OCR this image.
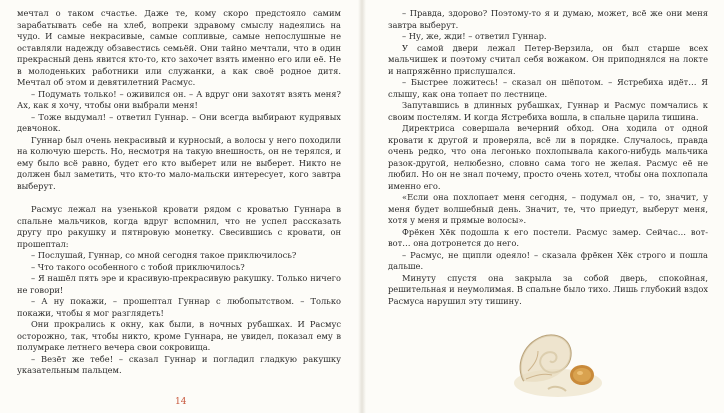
мечтал о таком счастье. Даже те, кому скоро предстояло самим зарабатывать себе на хлеб, вопреки здравому смыслу надеялись на чудо. И самые некрасивые, самые сопливые, самые непослушные не оставляли надежду обзавестись семьёй. Они тайно мечтали, что в один прекрасный день явится кто-то, кто захочет взять именно его или её. Не в молоденьких работники или служанки, а как своё родное дитя. Мечтал об этом и девятилетний Расмус.

– Подумать только! – оживился он. – А вдруг они захотят взять меня? Ах, как я хочу, чтобы они выбрали меня!

– Тоже выдумал! – ответил Гуннар. – Они всегда выбирают кудрявых девчонок.

Гуннар был очень некрасивый и курносый, а волосы у него походили на колючую шерсть. Но, несмотря на такую внешность, он не терялся, и ему было всё равно, будет его кто выберет или не выберет. Никто не должен был заметить, что кто-то мало-мальски интересует, кого завтра выберут.

Расмус лежал на узенькой кровати рядом с кроватью Гуннара в спальне мальчиков, когда вдруг вспомнил, что не успел рассказать другу про ракушку и пятнровую монетку. Свесившись с кровати, он прошептал:

– Послушай, Гуннар, со мной сегодня такое приключилось?

– Что такого особенного с тобой приключилось?

– Я нашёл пять эре и красивую-прекрасивую ракушку. Только ничего не говори!

– А ну покажи, – прошептал Гуннар с любопытством. – Только покажи, чтобы я мог разглядеть!

Они прокрались к окну, как были, в ночных рубашках. И Расмус осторожно, так, чтобы никто, кроме Гуннара, не увидел, показал ему в полумраке летнего вечера свои сокровища.

– Везёт же тебе! – сказал Гуннар и погладил гладкую ракушку указательным пальцем.

14

– Правда, здорово? Поэтому-то я и думаю, может, всё же они меня завтра выберут.

– Ну, же, жди! – ответил Гуннар.

У самой двери лежал Петер-Верзила, он был старше всех мальчишек и поэтому считал себя вожаком. Он приподнялся на локте и напряжённо прислушался.

– Быстрее ложитесь! – сказал он шёпотом. – Ястребиха идёт… Я слышу, как она топает по лестнице.

Запутавшись в длинных рубашках, Гуннар и Расмус помчались к своим постелям. И когда Ястребиха вошла, в спальне царила тишина.

Директриса совершала вечерний обход. Она ходила от одной кровати к другой и проверяла, всё ли в порядке. Случалось, правда очень редко, что она легонько похлопывала какого-нибудь мальчика разок-другой, нелюбезно, словно сама того не желая. Расмус её не любил. Но он не знал почему, просто очень хотел, чтобы она похлопала именно его.

«Если она похлопает меня сегодня, – подумал он, – то, значит, у меня будет волшебный день. Значит, те, что приедут, выберут меня, хотя у меня и прямые волосы».

Фрёкен Хёк подошла к его постели. Расмус замер. Сейчас… вот-вот… она дотронется до него.

– Расмус, не щипли одеяло! – сказала фрёкен Хёк строго и пошла дальше.

Минуту спустя она закрыла за собой дверь, спокойная, решительная и неумолимая. В спальне было тихо. Лишь глубокий вздох Расмуса нарушил эту тишину.
